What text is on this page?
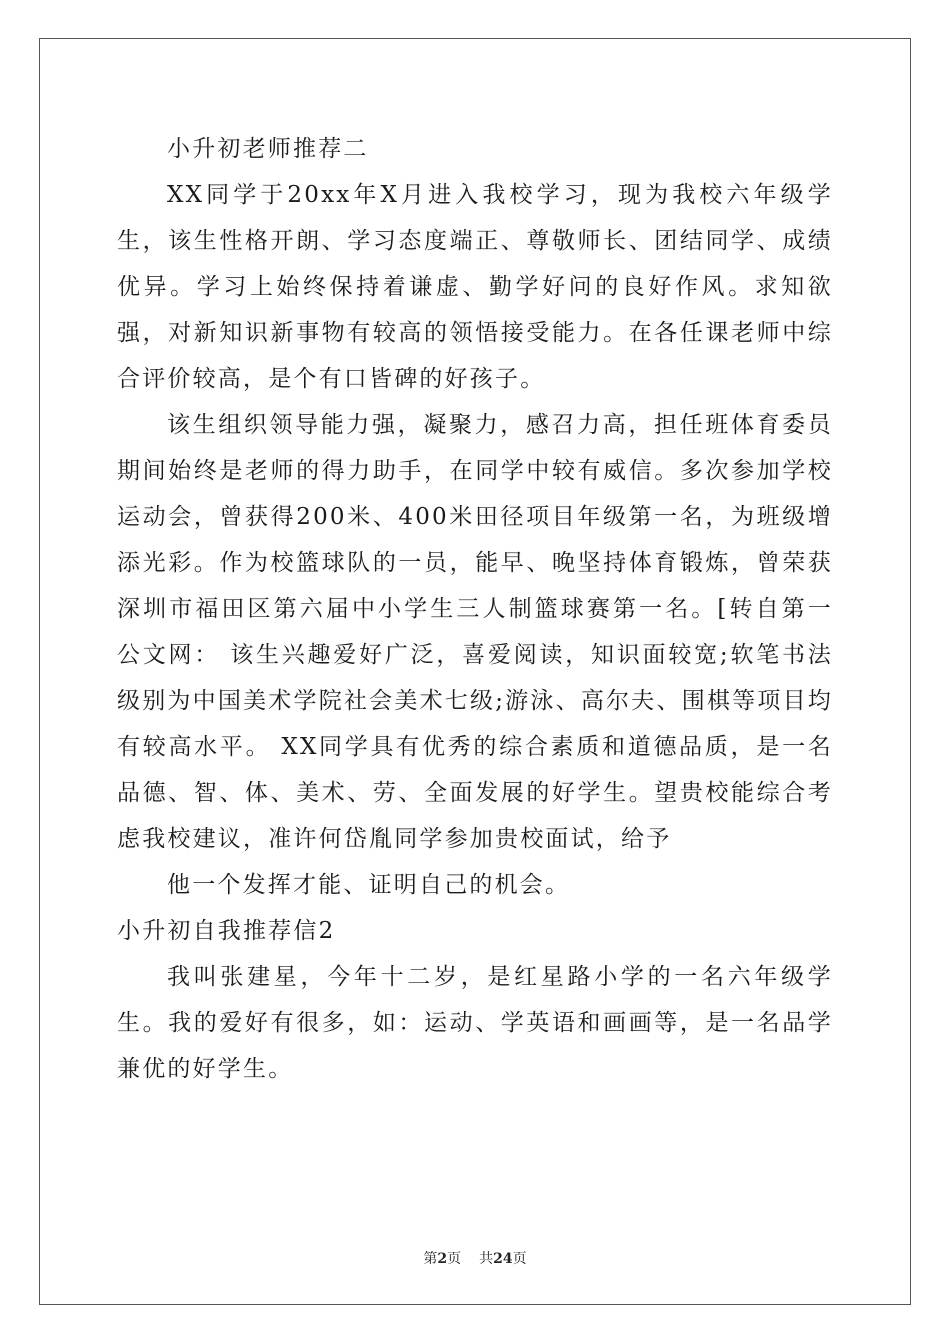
小升初老师推荐二

XX同学于20xx年X月进入我校学习，现为我校六年级学生，该生性格开朗、学习态度端正、尊敬师长、团结同学、成绩优异。学习上始终保持着谦虚、勤学好问的良好作风。求知欲强，对新知识新事物有较高的领悟接受能力。在各任课老师中综合评价较高，是个有口皆碑的好孩子。

该生组织领导能力强，凝聚力，感召力高，担任班体育委员期间始终是老师的得力助手，在同学中较有威信。多次参加学校运动会，曾获得200米、400米田径项目年级第一名，为班级增添光彩。作为校篮球队的一员，能早、晚坚持体育锻炼，曾荣获深圳市福田区第六届中小学生三人制篮球赛第一名。[转自第一公文网： 该生兴趣爱好广泛，喜爱阅读，知识面较宽;软笔书法级别为中国美术学院社会美术七级;游泳、高尔夫、围棋等项目均有较高水平。 XX同学具有优秀的综合素质和道德品质，是一名品德、智、体、美术、劳、全面发展的好学生。望贵校能综合考虑我校建议，准许何岱胤同学参加贵校面试，给予

他一个发挥才能、证明自己的机会。

小升初自我推荐信2

我叫张建星，今年十二岁，是红星路小学的一名六年级学生。我的爱好有很多，如：运动、学英语和画画等，是一名品学兼优的好学生。

第2页 共24页
